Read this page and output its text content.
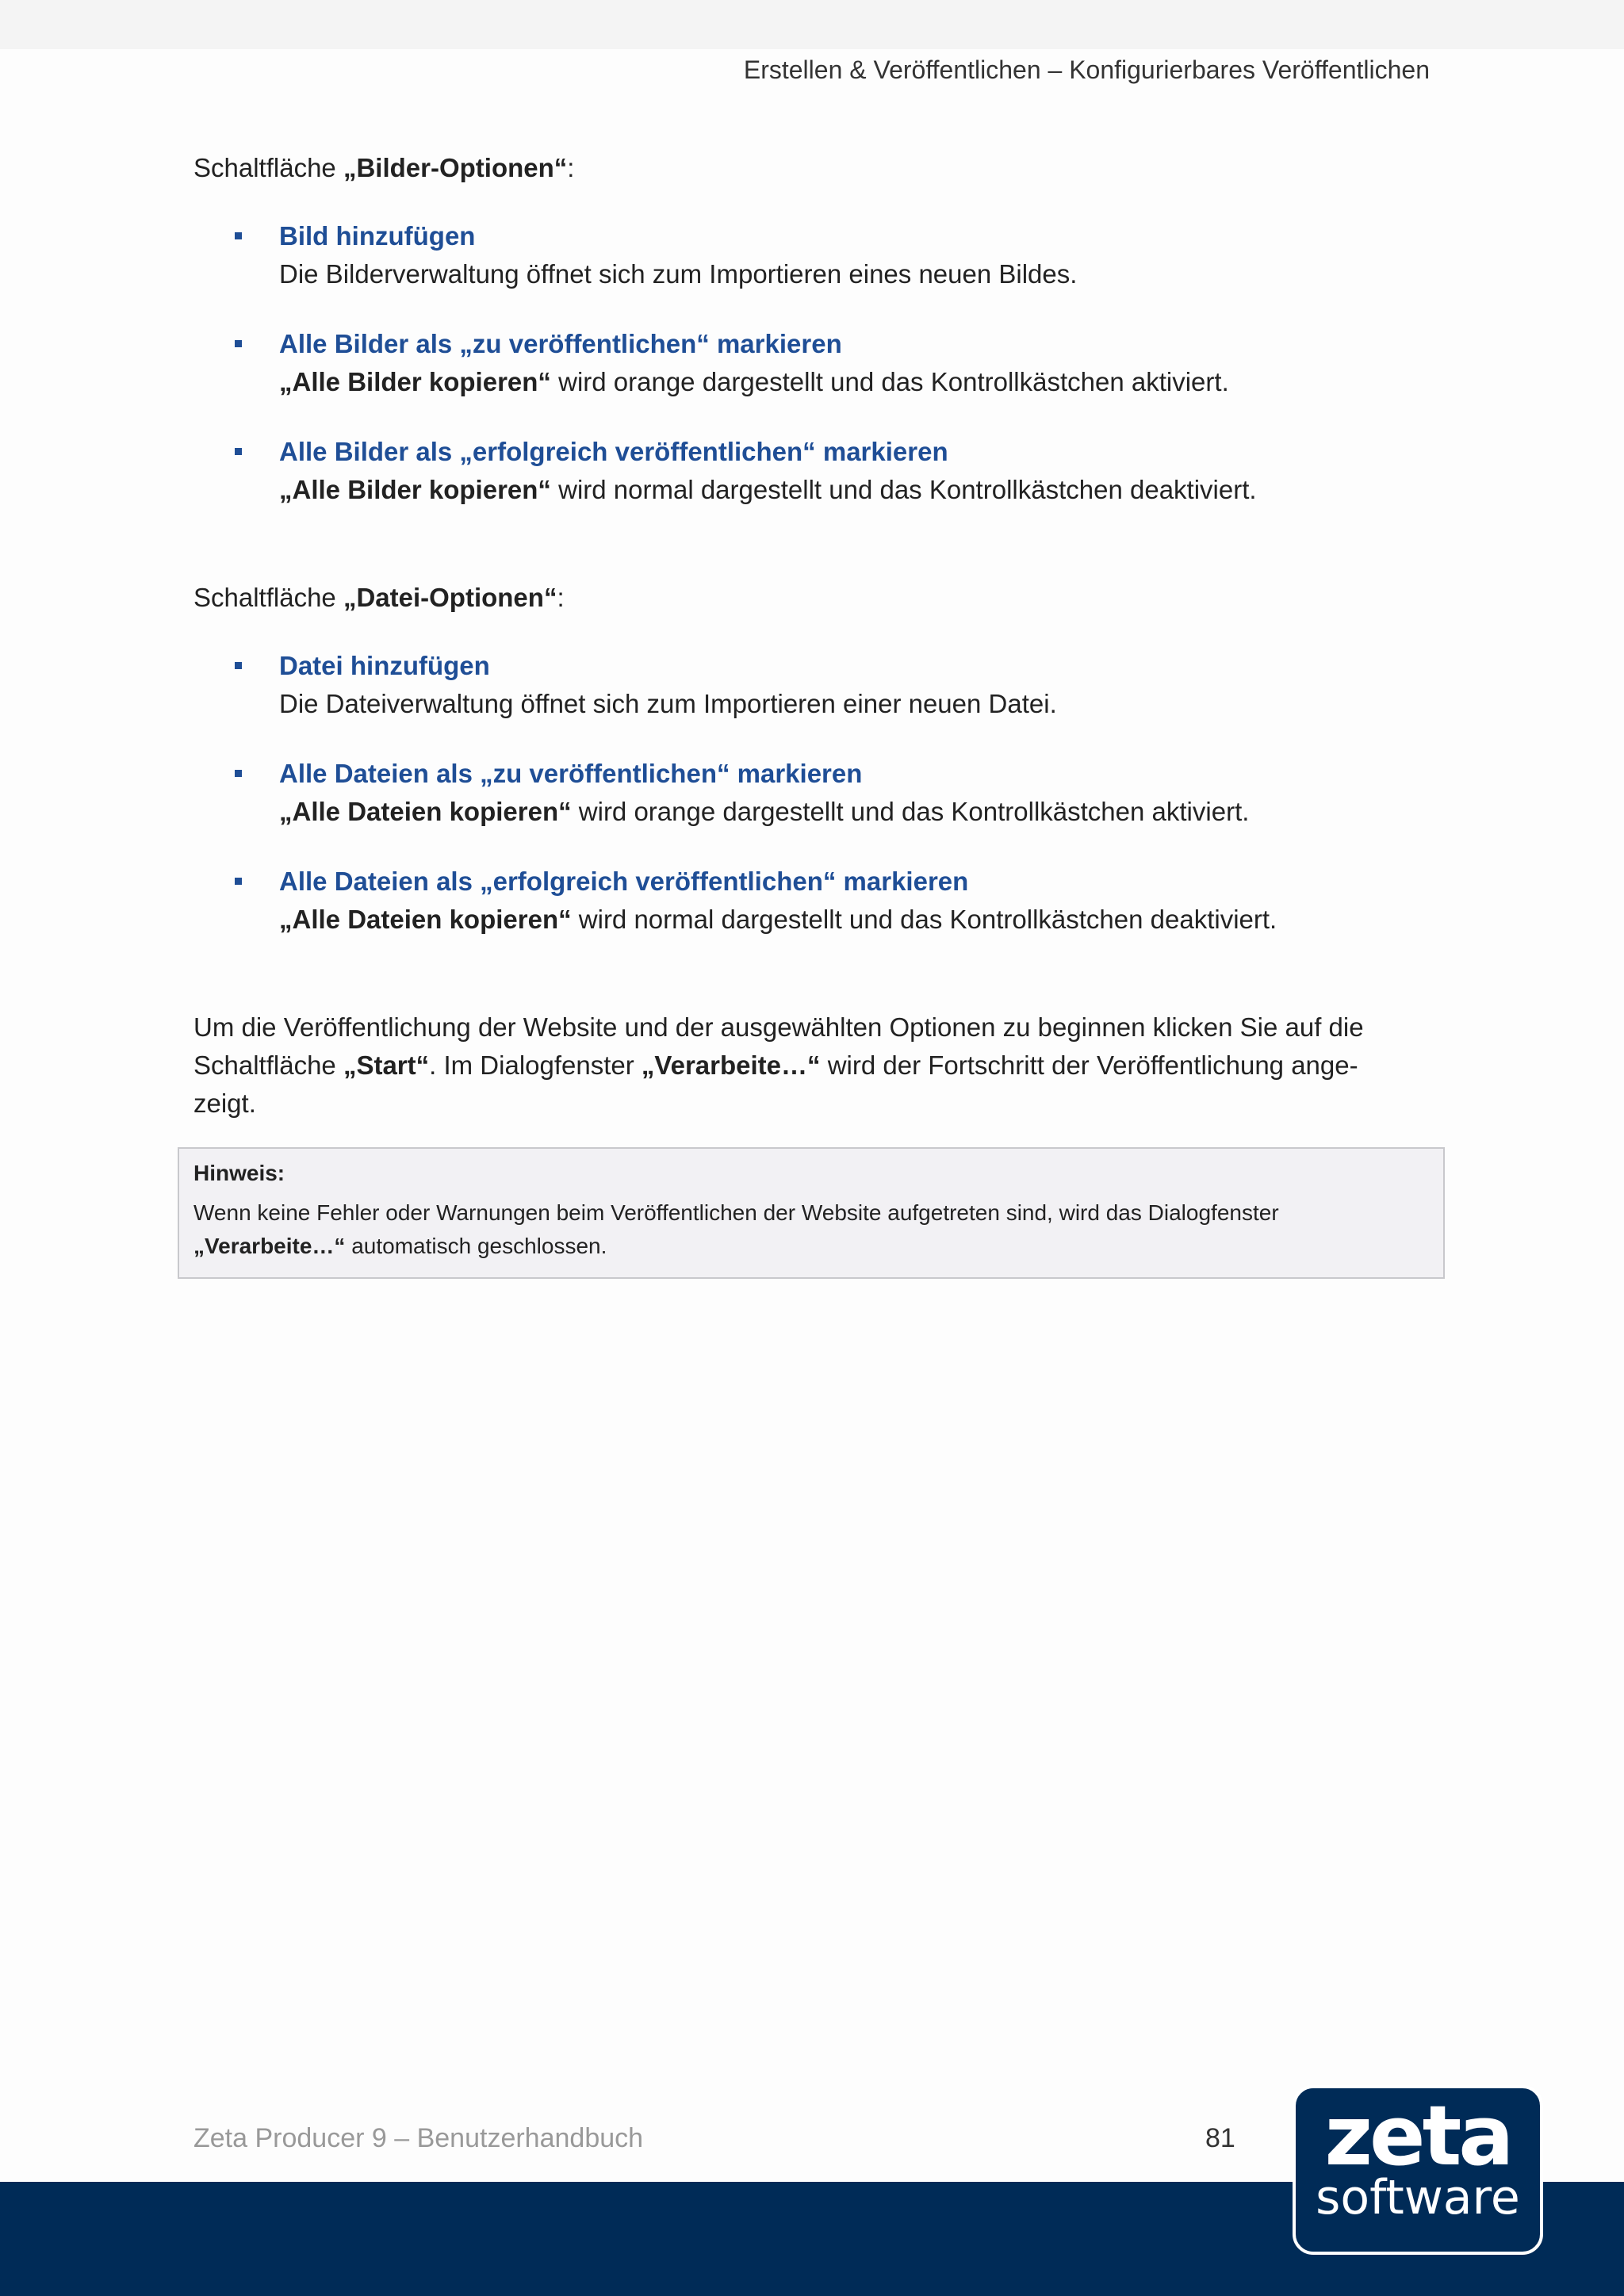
Erstellen & Veröffentlichen – Konfigurierbares Veröffentlichen

Schaltfläche „Bilder-Optionen“:

Bild hinzufügen
Die Bilderverwaltung öffnet sich zum Importieren eines neuen Bildes.
Alle Bilder als „zu veröffentlichen“ markieren
„Alle Bilder kopieren“ wird orange dargestellt und das Kontrollkästchen aktiviert.
Alle Bilder als „erfolgreich veröffentlichen“ markieren
„Alle Bilder kopieren“ wird normal dargestellt und das Kontrollkästchen deaktiviert.

Schaltfläche „Datei-Optionen“:

Datei hinzufügen
Die Dateiverwaltung öffnet sich zum Importieren einer neuen Datei.
Alle Dateien als „zu veröffentlichen“ markieren
„Alle Dateien kopieren“ wird orange dargestellt und das Kontrollkästchen aktiviert.
Alle Dateien als „erfolgreich veröffentlichen“ markieren
„Alle Dateien kopieren“ wird normal dargestellt und das Kontrollkästchen deaktiviert.
Um die Veröffentlichung der Website und der ausgewählten Optionen zu beginnen klicken Sie auf die
Schaltfläche „Start“. Im Dialogfenster „Verarbeite…“ wird der Fortschritt der Veröffentlichung ange-
zeigt.
Hinweis:
Wenn keine Fehler oder Warnungen beim Veröffentlichen der Website aufgetreten sind, wird das Dialogfenster
„Verarbeite…“ automatisch geschlossen.
Zeta Producer 9 – Benutzerhandbuch	81	zeta
software
